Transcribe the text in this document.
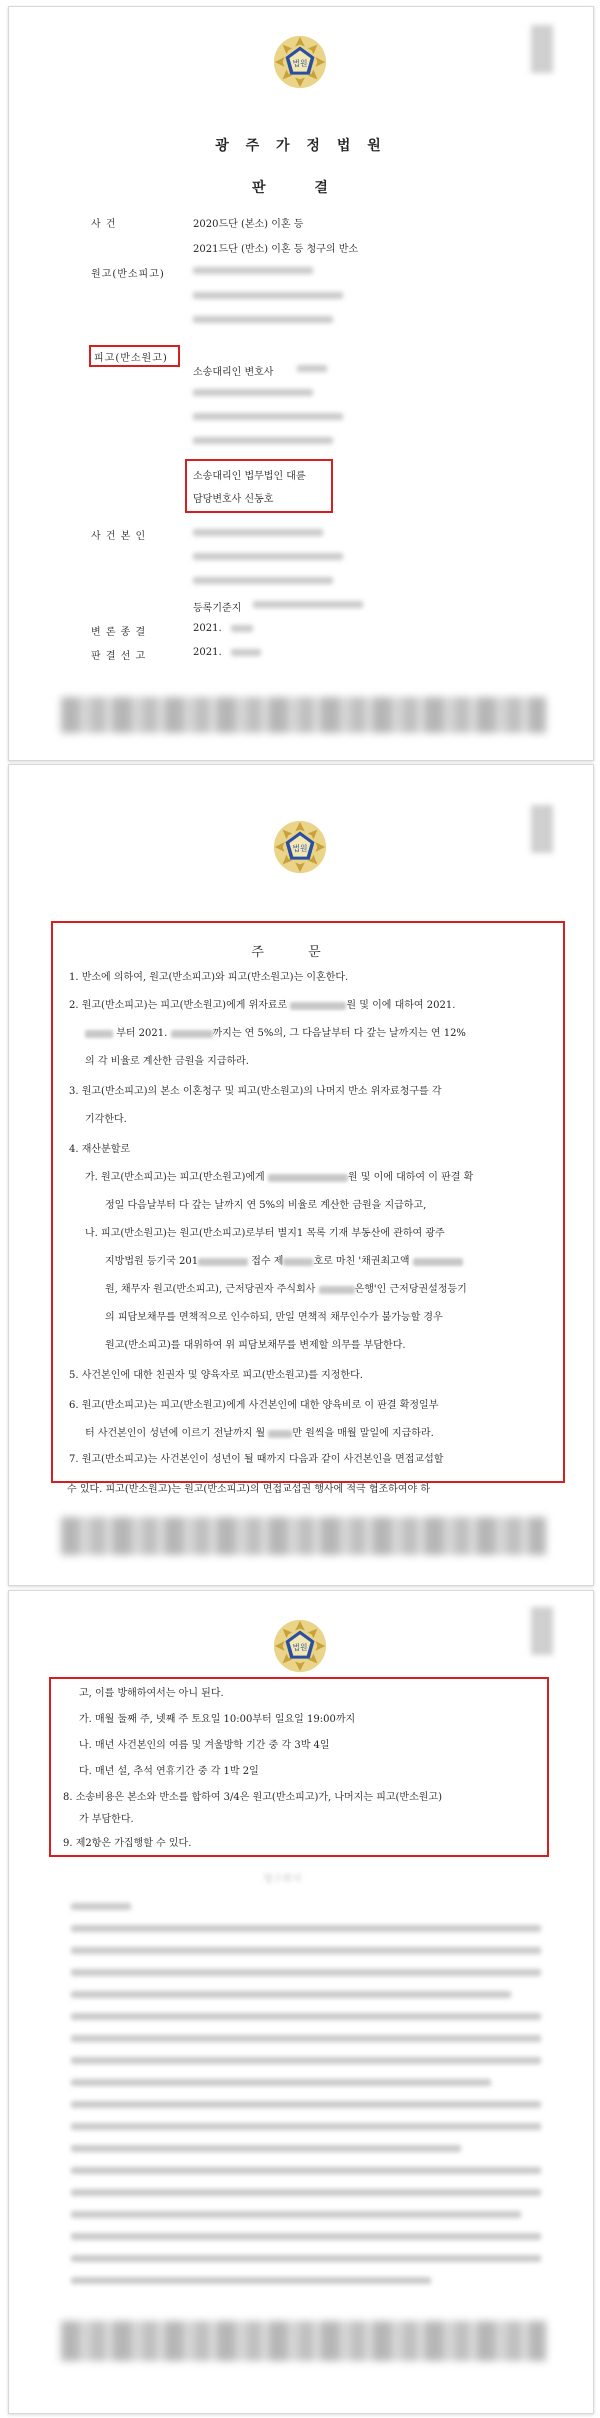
법원
광 주 가 정 법 원
판 결
사 건	2020드단 (본소) 이혼 등
2021드단 (반소) 이혼 등 청구의 반소
원고(반소피고)
소송대리인 변호사
피고(반소원고)
소송대리인 법무법인 대륜
담당변호사 신동호
사 건 본 인
등록기준지
변 론 종 결	2021.
판 결 선 고	2021.
법원
주 문
1. 반소에 의하여, 원고(반소피고)와 피고(반소원고)는 이혼한다.
2. 원고(반소피고)는 피고(반소원고)에게 위자료로	원 및 이에 대하여 2021.
부터 2021.	까지는 연 5%의, 그 다음날부터 다 갚는 날까지는 연 12%
의 각 비율로 계산한 금원을 지급하라.
3. 원고(반소피고)의 본소 이혼청구 및 피고(반소원고)의 나머지 반소 위자료청구를 각
기각한다.
4. 재산분할로
가. 원고(반소피고)는 피고(반소원고)에게	원 및 이에 대하여 이 판결 확
정일 다음날부터 다 갚는 날까지 연 5%의 비율로 계산한 금원을 지급하고,
나. 피고(반소원고)는 원고(반소피고)로부터 별지1 목록 기재 부동산에 관하여 광주
지방법원 등기국 201	접수 제	호로 마친 '채권최고액
원, 채무자 원고(반소피고), 근저당권자 주식회사	은행'인 근저당권설정등기
의 피담보채무를 면책적으로 인수하되, 만일 면책적 채무인수가 불가능할 경우
원고(반소피고)를 대위하여 위 피담보채무를 변제할 의무를 부담한다.
5. 사건본인에 대한 친권자 및 양육자로 피고(반소원고)를 지정한다.
6. 원고(반소피고)는 피고(반소원고)에게 사건본인에 대한 양육비로 이 판결 확정일부
터 사건본인이 성년에 이르기 전날까지 월	만 원씩을 매월 말일에 지급하라.
7. 원고(반소피고)는 사건본인이 성년이 될 때까지 다음과 같이 사건본인을 면접교섭할
수 있다. 피고(반소원고)는 원고(반소피고)의 면접교섭권 행사에 적극 협조하여야 하
법원
고, 이를 방해하여서는 아니 된다.
가. 매월 둘째 주, 넷째 주 토요일 10:00부터 일요일 19:00까지
나. 매년 사건본인의 여름 및 겨울방학 기간 중 각 3박 4일
다. 매년 설, 추석 연휴기간 중 각 1박 2일
8. 소송비용은 본소와 반소를 합하여 3/4은 원고(반소피고)가, 나머지는 피고(반소원고)
가 부담한다.
9. 제2항은 가집행할 수 있다.
청구취지
